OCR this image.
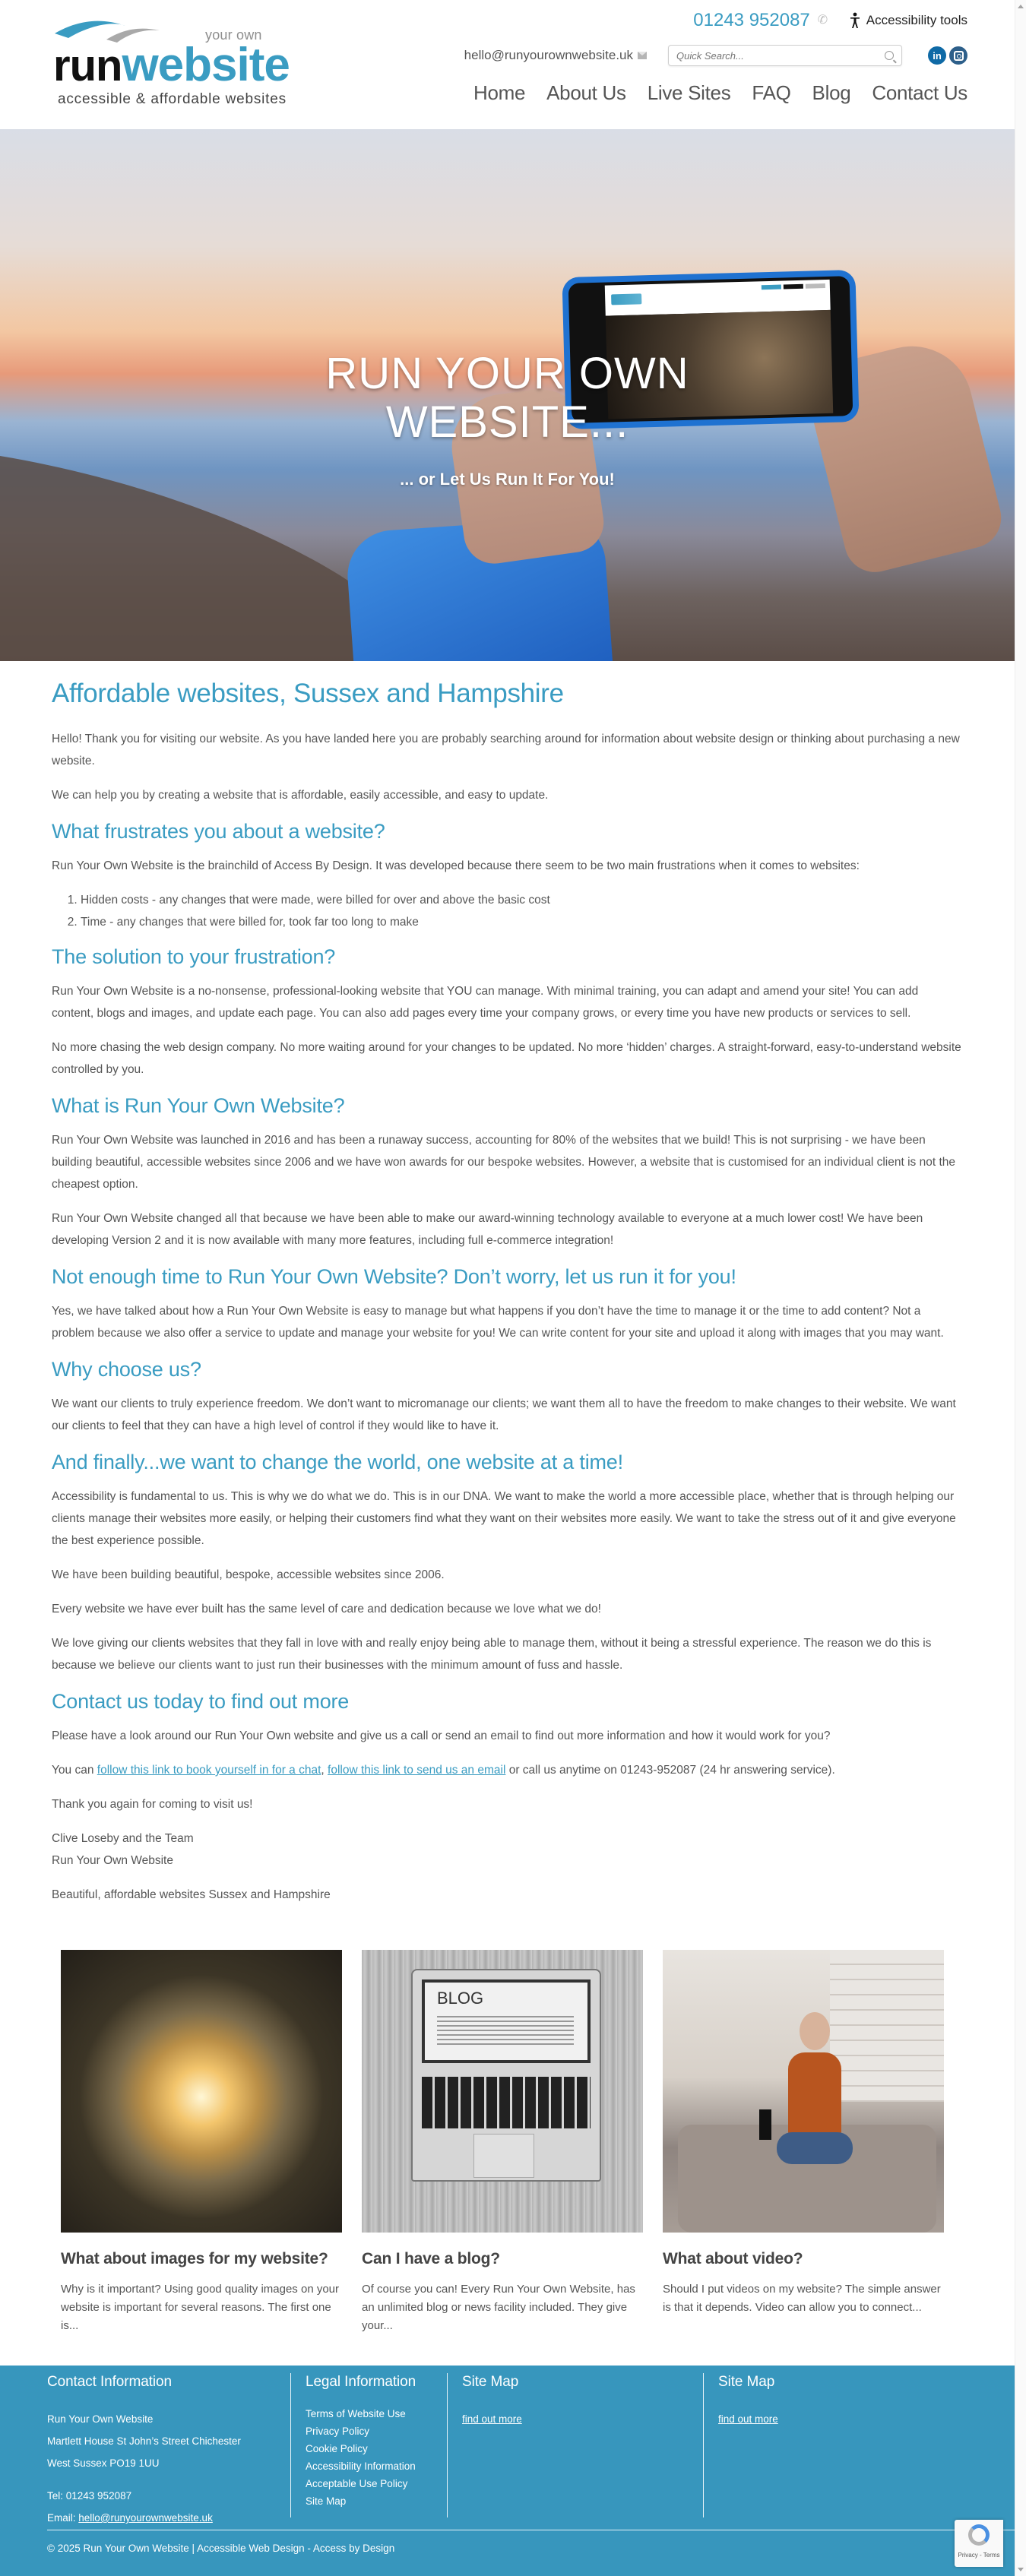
your own
run website
accessible & affordable websites
01243 952087 ✆	Accessibility tools
hello@runyourownwebsite.uk
Quick Search...	in
Home About Us Live Sites FAQ Blog Contact Us
RUN YOUR OWN
WEBSITE...
... or Let Us Run It For You!
Affordable websites, Sussex and Hampshire

Hello! Thank you for visiting our website. As you have landed here you are probably searching around for information about website design or thinking about purchasing a new website.

We can help you by creating a website that is affordable, easily accessible, and easy to update.

What frustrates you about a website?

Run Your Own Website is the brainchild of Access By Design. It was developed because there seem to be two main frustrations when it comes to websites:

1. Hidden costs - any changes that were made, were billed for over and above the basic cost
2. Time - any changes that were billed for, took far too long to make
The solution to your frustration?

Run Your Own Website is a no-nonsense, professional-looking website that YOU can manage. With minimal training, you can adapt and amend your site! You can add content, blogs and images, and update each page. You can also add pages every time your company grows, or every time you have new products or services to sell.

No more chasing the web design company. No more waiting around for your changes to be updated. No more ‘hidden’ charges. A straight-forward, easy-to-understand website controlled by you.

What is Run Your Own Website?

Run Your Own Website was launched in 2016 and has been a runaway success, accounting for 80% of the websites that we build! This is not surprising - we have been building beautiful, accessible websites since 2006 and we have won awards for our bespoke websites. However, a website that is customised for an individual client is not the cheapest option.

Run Your Own Website changed all that because we have been able to make our award-winning technology available to everyone at a much lower cost! We have been developing Version 2 and it is now available with many more features, including full e-commerce integration!

Not enough time to Run Your Own Website? Don’t worry, let us run it for you!

Yes, we have talked about how a Run Your Own Website is easy to manage but what happens if you don’t have the time to manage it or the time to add content? Not a problem because we also offer a service to update and manage your website for you! We can write content for your site and upload it along with images that you may want.

Why choose us?

We want our clients to truly experience freedom. We don’t want to micromanage our clients; we want them all to have the freedom to make changes to their website. We want our clients to feel that they can have a high level of control if they would like to have it.

And finally...we want to change the world, one website at a time!

Accessibility is fundamental to us. This is why we do what we do. This is in our DNA. We want to make the world a more accessible place, whether that is through helping our clients manage their websites more easily, or helping their customers find what they want on their websites more easily. We want to take the stress out of it and give everyone the best experience possible.

We have been building beautiful, bespoke, accessible websites since 2006.

Every website we have ever built has the same level of care and dedication because we love what we do!

We love giving our clients websites that they fall in love with and really enjoy being able to manage them, without it being a stressful experience. The reason we do this is because we believe our clients want to just run their businesses with the minimum amount of fuss and hassle.

Contact us today to find out more

Please have a look around our Run Your Own website and give us a call or send an email to find out more information and how it would work for you?

You can follow this link to book yourself in for a chat, follow this link to send us an email or call us anytime on 01243-952087 (24 hr answering service).

Thank you again for coming to visit us!

Clive Loseby and the Team

Run Your Own Website

Beautiful, affordable websites Sussex and Hampshire

What about images for my website?

Why is it important? Using good quality images on your website is important for several reasons. The first one is...

BLOG
Can I have a blog?

Of course you can! Every Run Your Own Website, has an unlimited blog or news facility included. They give your...

What about video?

Should I put videos on my website? The simple answer is that it depends. Video can allow you to connect...

Contact Information
Run Your Own Website
Martlett House St John’s Street Chichester
West Sussex PO19 1UU
Tel: 01243 952087
Email: hello@runyourownwebsite.uk
Legal Information
Terms of Website Use
Privacy Policy
Cookie Policy
Accessibility Information
Acceptable Use Policy
Site Map
Site Map
find out more
Site Map
find out more
© 2025 Run Your Own Website | Accessible Web Design - Access by Design
Privacy - Terms
